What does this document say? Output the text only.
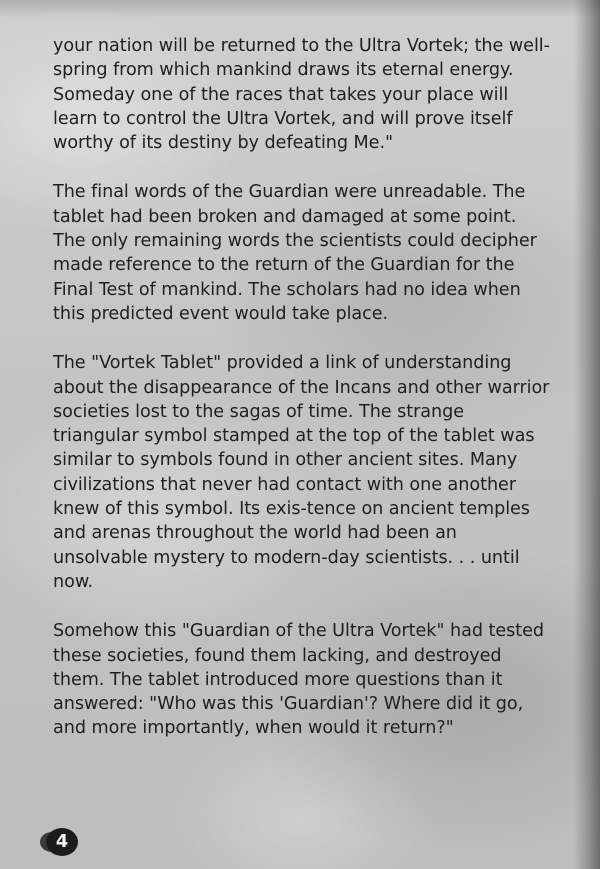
your nation will be returned to the Ultra Vortek; the well-spring from which mankind draws its eternal energy. Someday one of the races that takes your place will learn to control the Ultra Vortek, and will prove itself worthy of its destiny by defeating Me."

The final words of the Guardian were unreadable. The tablet had been broken and damaged at some point. The only remaining words the scientists could decipher made reference to the return of the Guardian for the Final Test of mankind. The scholars had no idea when this predicted event would take place.

The "Vortek Tablet" provided a link of understanding about the disappearance of the Incans and other warrior societies lost to the sagas of time. The strange triangular symbol stamped at the top of the tablet was similar to symbols found in other ancient sites. Many civilizations that never had contact with one another knew of this symbol. Its exis-tence on ancient temples and arenas throughout the world had been an unsolvable mystery to modern-day scientists. . . until now.

Somehow this "Guardian of the Ultra Vortek" had tested these societies, found them lacking, and destroyed them. The tablet introduced more questions than it answered: "Who was this 'Guardian'? Where did it go, and more importantly, when would it return?"

4
